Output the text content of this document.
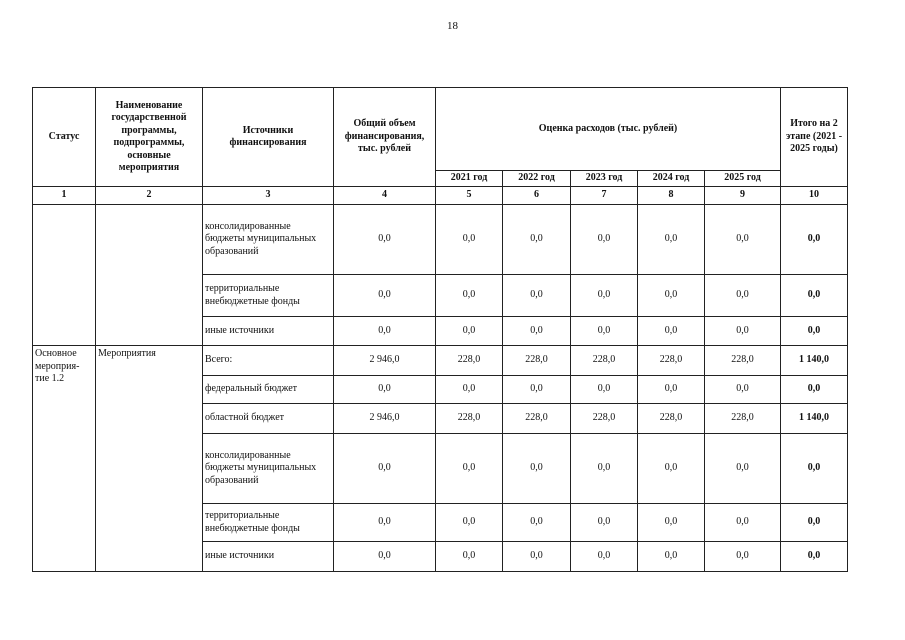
18
Статус	Наименование государственной программы, подпрограммы, основные мероприятия	Источники финансирования	Общий объем финансирования, тыс. рублей	Оценка расходов (тыс. рублей)					Итого на 2 этапе (2021 - 2025 годы)
				2021 год	2022 год	2023 год	2024 год	2025 год	
1	2	3	4	5	6	7	8	9	10
		консолидированные бюджеты муниципальных образований	0,0	0,0	0,0	0,0	0,0	0,0	0,0
		территориальные внебюджетные фонды	0,0	0,0	0,0	0,0	0,0	0,0	0,0
		иные источники	0,0	0,0	0,0	0,0	0,0	0,0	0,0
Основное мероприя-тие 1.2	Мероприятия	Всего:	2 946,0	228,0	228,0	228,0	228,0	228,0	1 140,0
		федеральный бюджет	0,0	0,0	0,0	0,0	0,0	0,0	0,0
		областной бюджет	2 946,0	228,0	228,0	228,0	228,0	228,0	1 140,0
		консолидированные бюджеты муниципальных образований	0,0	0,0	0,0	0,0	0,0	0,0	0,0
		территориальные внебюджетные фонды	0,0	0,0	0,0	0,0	0,0	0,0	0,0
		иные источники	0,0	0,0	0,0	0,0	0,0	0,0	0,0
